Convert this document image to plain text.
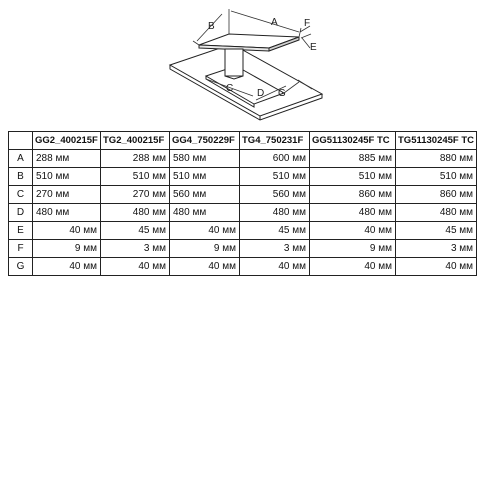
B	A	F
E
C D G
	GG2_400215F	TG2_400215F	GG4_750229F	TG4_750231F	GG51130245F TC	TG51130245F TC
A	288 мм	288 мм	580 мм	600 мм	885 мм	880 мм
B	510 мм	510 мм	510 мм	510 мм	510 мм	510 мм
C	270 мм	270 мм	560 мм	560 мм	860 мм	860 мм
D	480 мм	480 мм	480 мм	480 мм	480 мм	480 мм
E	40 мм	45 мм	40 мм	45 мм	40 мм	45 мм
F	9 мм	3 мм	9 мм	3 мм	9 мм	3 мм
G	40 мм	40 мм	40 мм	40 мм	40 мм	40 мм
